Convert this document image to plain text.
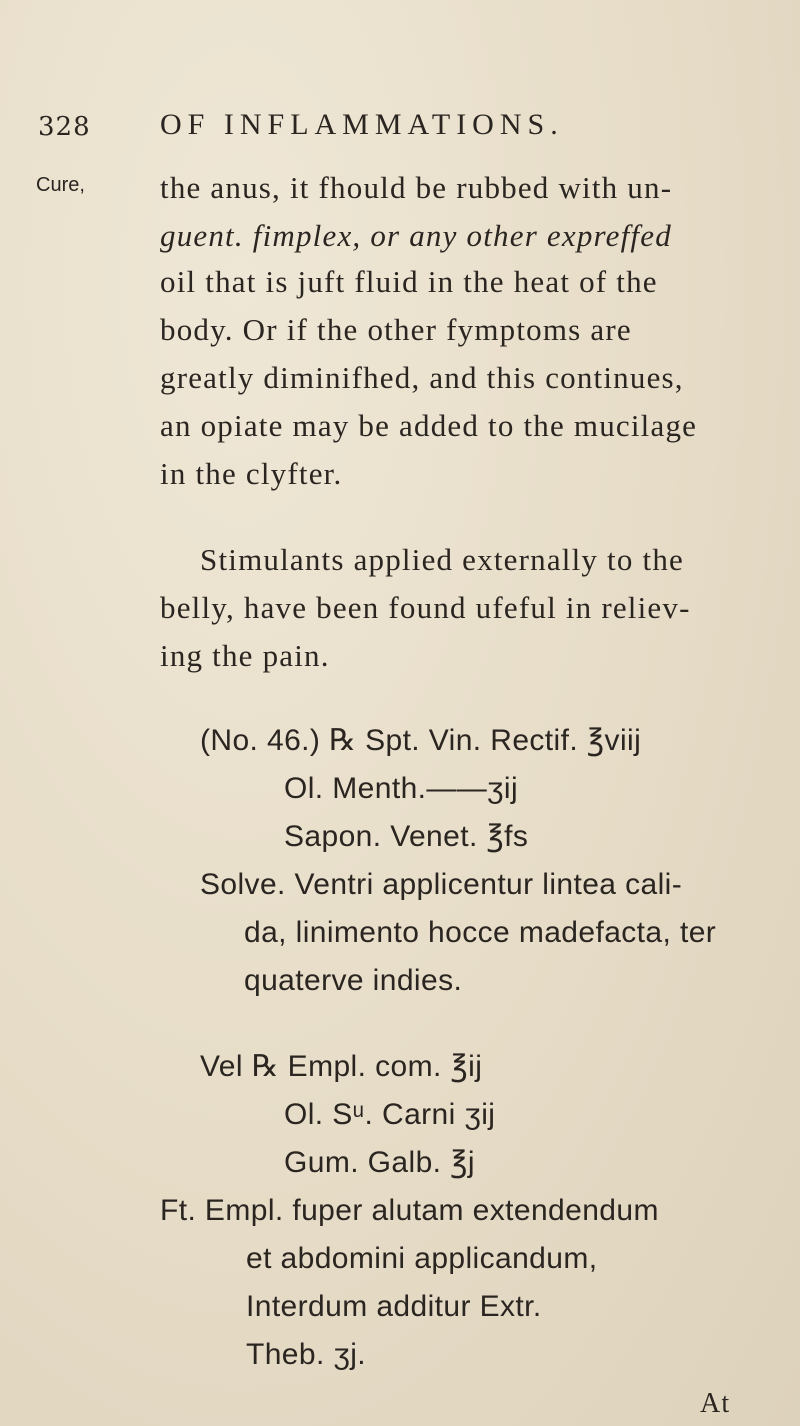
328 OF INFLAMMATIONS.
Cure, the anus, it fhould be rubbed with un-
guent. fimplex, or any other expreffed
oil that is juft fluid in the heat of the
body. Or if the other fymptoms are
greatly diminifhed, and this continues,
an opiate may be added to the mucilage
in the clyfter.
Stimulants applied externally to the
belly, have been found ufeful in reliev-
ing the pain.
(No. 46.) ℞ Spt. Vin. Rectif. ℥viij
Ol. Menth.——ʒij
Sapon. Venet. ℥fs
Solve. Ventri applicentur lintea cali-
da, linimento hocce madefacta, ter
quaterve indies.
Vel ℞ Empl. com. ℥ij
Ol. Sᵘ. Carni ʒij
Gum. Galb. ℥j
Ft. Empl. fuper alutam extendendum
et abdomini applicandum,
Interdum additur Extr.
Theb. ʒj.
At
